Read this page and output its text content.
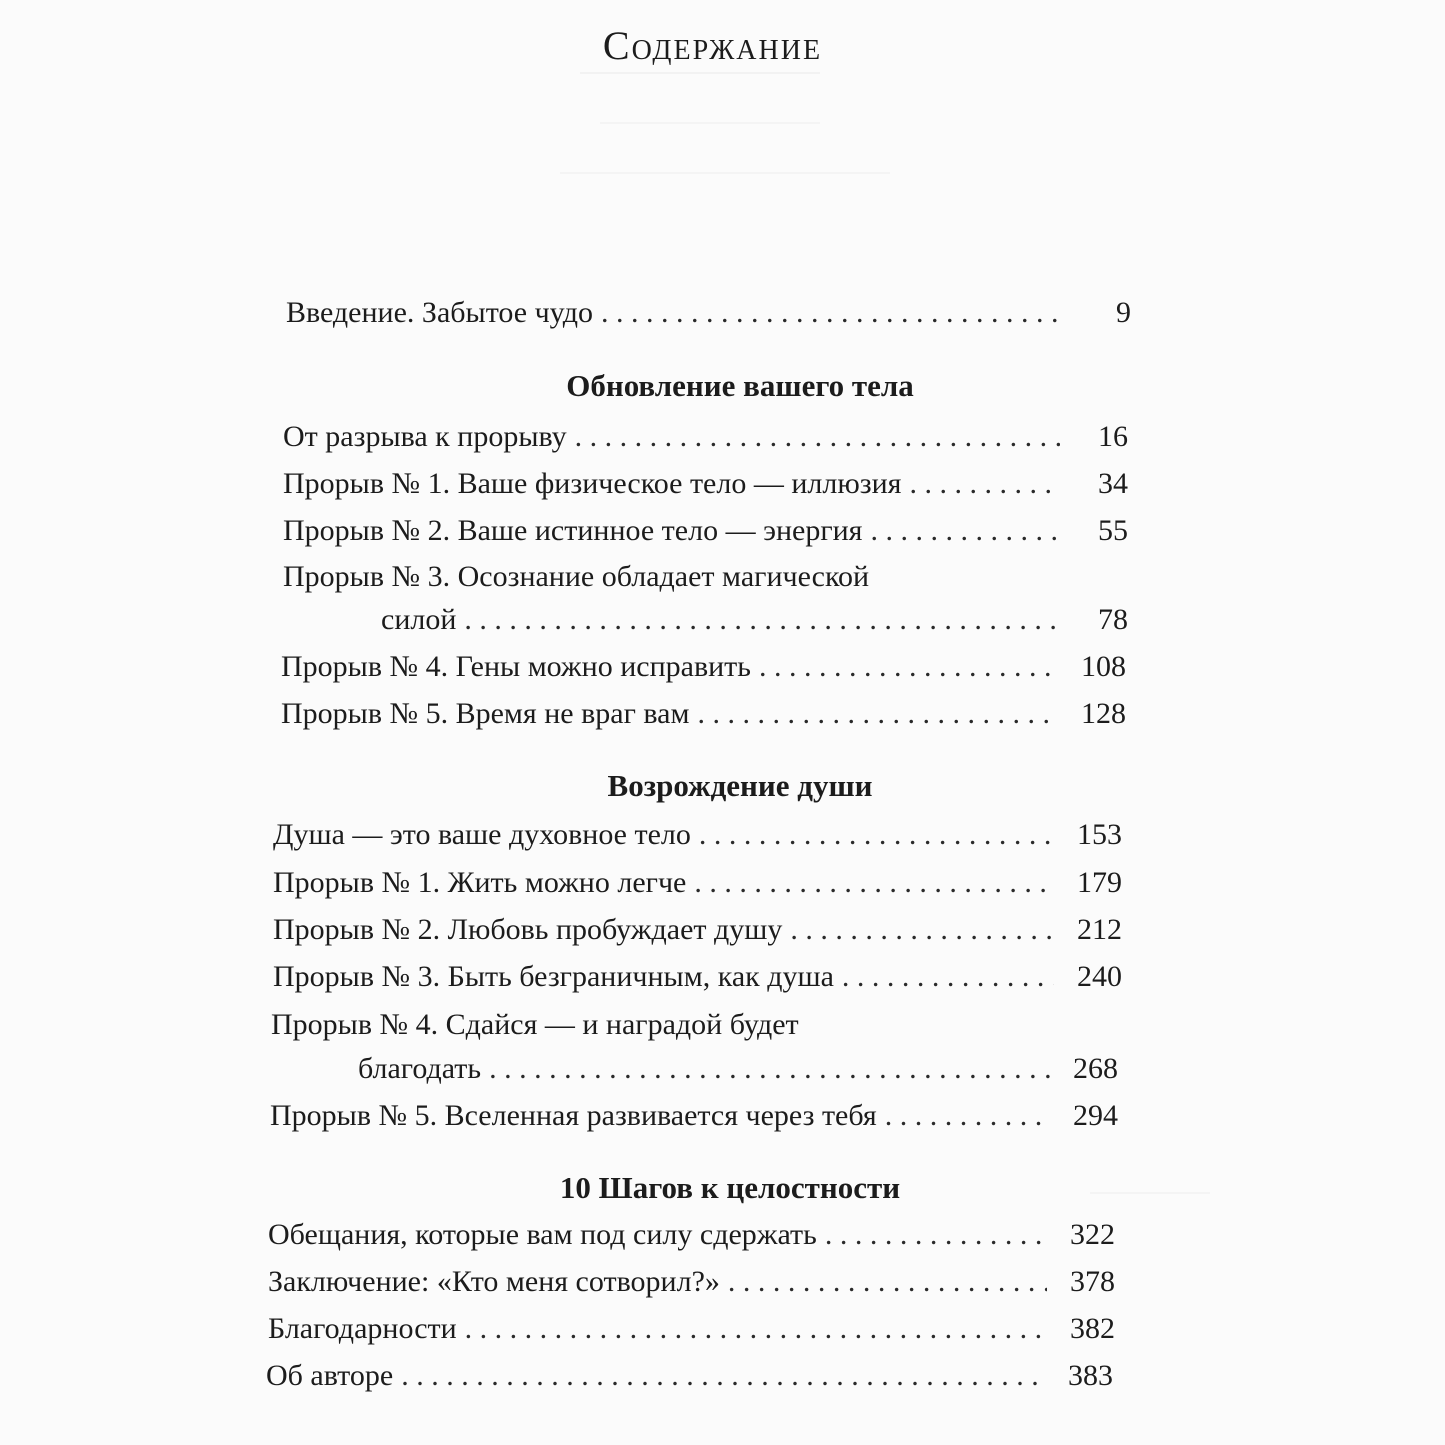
Содержание
Введение. Забытое чудо . . .	9
Обновление вашего тела
От разрыва к прорыву . . .	16
Прорыв № 1. Ваше физическое тело — иллюзия . . .	34
Прорыв № 2. Ваше истинное тело — энергия . . .	55
Прорыв № 3. Осознание обладает магической
силой . . .	78
Прорыв № 4. Гены можно исправить . . .	108
Прорыв № 5. Время не враг вам . . .	128
Возрождение души
Душа — это ваше духовное тело . . .	153
Прорыв № 1. Жить можно легче . . .	179
Прорыв № 2. Любовь пробуждает душу . . .	212
Прорыв № 3. Быть безграничным, как душа . . .	240
Прорыв № 4. Сдайся — и наградой будет
благодать . . .	268
Прорыв № 5. Вселенная развивается через тебя . . .	294
10 Шагов к целостности
Обещания, которые вам под силу сдержать . . .	322
Заключение: «Кто меня сотворил?» . . .	378
Благодарности . . .	382
Об авторе . . .	383
